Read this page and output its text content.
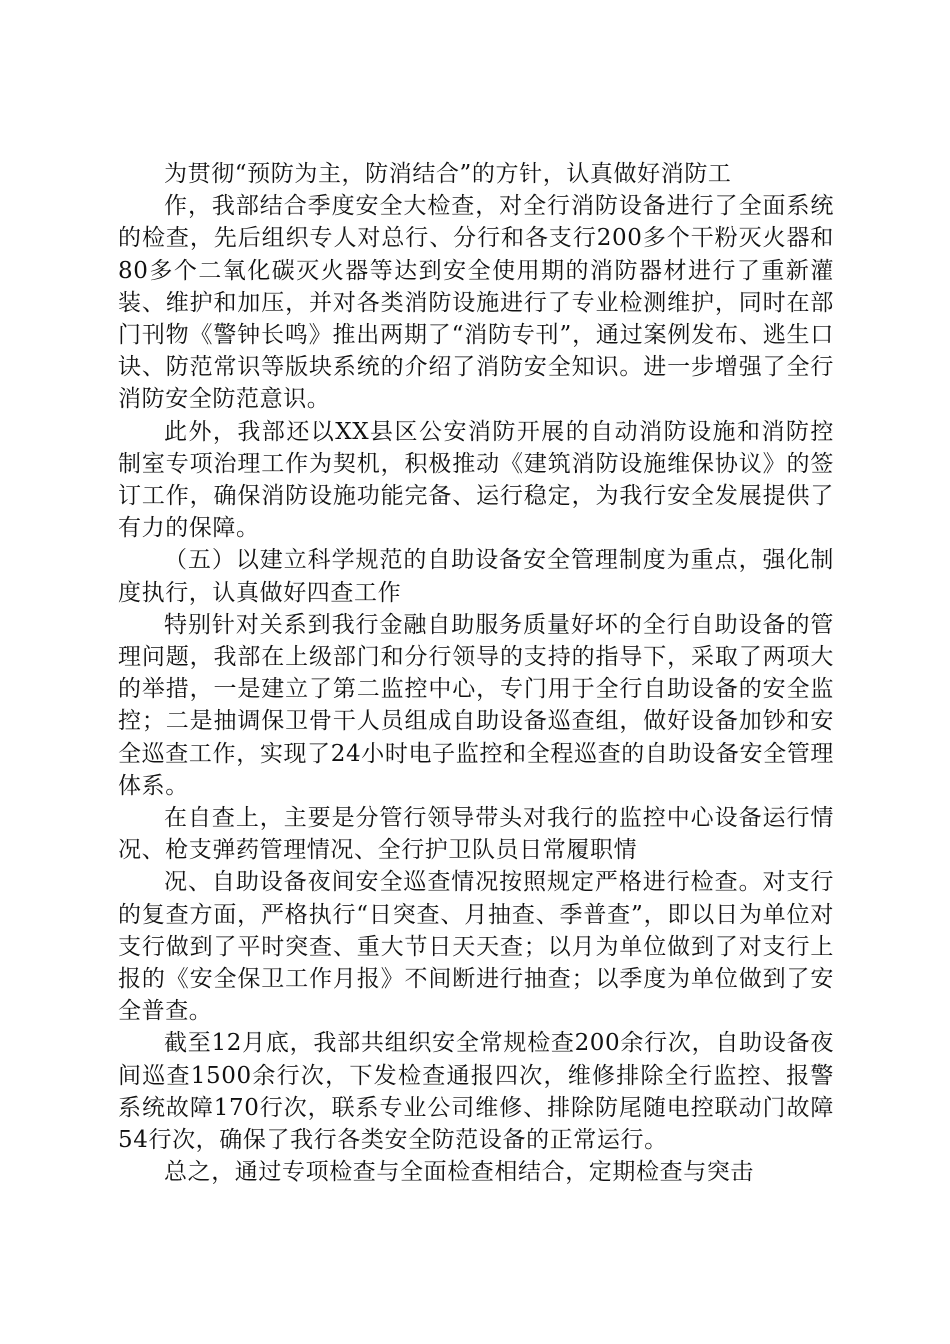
为贯彻“预防为主，防消结合”的方针，认真做好消防工

作，我部结合季度安全大检查，对全行消防设备进行了全面系统的检查，先后组织专人对总行、分行和各支行200多个干粉灭火器和80多个二氧化碳灭火器等达到安全使用期的消防器材进行了重新灌装、维护和加压，并对各类消防设施进行了专业检测维护，同时在部门刊物《警钟长鸣》推出两期了“消防专刊”，通过案例发布、逃生口诀、防范常识等版块系统的介绍了消防安全知识。进一步增强了全行消防安全防范意识。

此外，我部还以XX县区公安消防开展的自动消防设施和消防控制室专项治理工作为契机，积极推动《建筑消防设施维保协议》的签订工作，确保消防设施功能完备、运行稳定，为我行安全发展提供了有力的保障。

（五）以建立科学规范的自助设备安全管理制度为重点，强化制度执行，认真做好四查工作

特别针对关系到我行金融自助服务质量好坏的全行自助设备的管理问题，我部在上级部门和分行领导的支持的指导下，采取了两项大的举措，一是建立了第二监控中心，专门用于全行自助设备的安全监控；二是抽调保卫骨干人员组成自助设备巡查组，做好设备加钞和安全巡查工作，实现了24小时电子监控和全程巡查的自助设备安全管理体系。

在自查上，主要是分管行领导带头对我行的监控中心设备运行情况、枪支弹药管理情况、全行护卫队员日常履职情

况、自助设备夜间安全巡查情况按照规定严格进行检查。对支行的复查方面，严格执行“日突查、月抽查、季普查”，即以日为单位对支行做到了平时突查、重大节日天天查；以月为单位做到了对支行上报的《安全保卫工作月报》不间断进行抽查；以季度为单位做到了安全普查。

截至12月底，我部共组织安全常规检查200余行次，自助设备夜间巡查1500余行次，下发检查通报四次，维修排除全行监控、报警系统故障170行次，联系专业公司维修、排除防尾随电控联动门故障54行次，确保了我行各类安全防范设备的正常运行。

总之，通过专项检查与全面检查相结合，定期检查与突击
